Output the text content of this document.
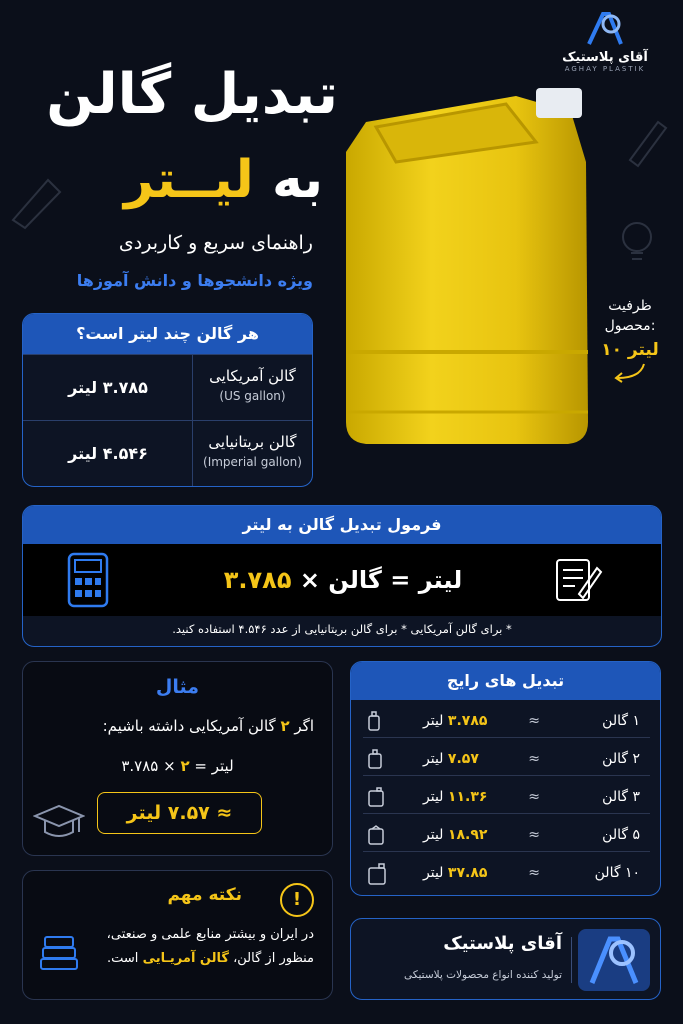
آقای پلاستیک
AGHAY PLASTIK
تبدیل گالن
به لیــتر
راهنمای سریع و کاربردی
ویژه دانشجوها و دانش آموزها
ظرفیت محصول:
۱۰ لیتر
هر گالن چند لیتر است؟
گالن آمریکایی
(US gallon)
۳.۷۸۵ لیتر
گالن بریتانیایی
(Imperial gallon)
۴.۵۴۶ لیتر
فرمول تبدیل گالن به لیتر
لیتر = گالن × ۳.۷۸۵
* برای گالن آمریکایی * برای گالن بریتانیایی از عدد ۴.۵۴۶ استفاده کنید.
مثال
اگر ۲ گالن آمریکایی داشته باشیم:
لیتر = ۲ × ۳.۷۸۵
≈ ۷.۵۷ لیتر
تبدیل های رایج
۱ گالن
≈
۳.۷۸۵ لیتر
۲ گالن
≈
۷.۵۷ لیتر
۳ گالن
≈
۱۱.۳۶ لیتر
۵ گالن
≈
۱۸.۹۲ لیتر
۱۰ گالن
≈
۳۷.۸۵ لیتر
!
نکته مهم
در ایران و بیشتر منابع علمی و صنعتی، منظور از گالن، گالن آمریـایی است.
آقای پلاستیک
تولید کننده انواع محصولات پلاستیکی
